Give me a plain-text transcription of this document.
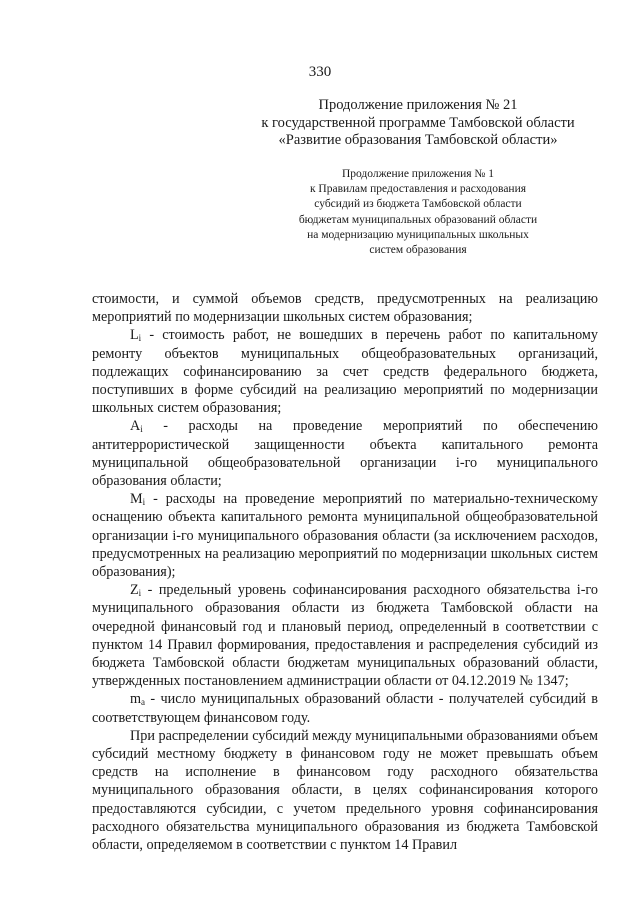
330
Продолжение приложения № 21
к государственной программе Тамбовской области
«Развитие образования Тамбовской области»
Продолжение приложения № 1
к Правилам предоставления и расходования
субсидий из бюджета Тамбовской области
бюджетам муниципальных образований области
на модернизацию муниципальных школьных
систем образования

стоимости, и суммой объемов средств, предусмотренных на реализацию мероприятий по модернизации школьных систем образования;

$L_i$ - стоимость работ, не вошедших в перечень работ по капитальному ремонту объектов муниципальных общеобразовательных организаций, подлежащих софинансированию за счет средств федерального бюджета, поступивших в форме субсидий на реализацию мероприятий по модернизации школьных систем образования;

$A_i$ - расходы на проведение мероприятий по обеспечению антитеррористической защищенности объекта капитального ремонта муниципальной общеобразовательной организации i-го муниципального образования области;

$M_i$ - расходы на проведение мероприятий по материально-техническому оснащению объекта капитального ремонта муниципальной общеобразовательной организации i-го муниципального образования области (за исключением расходов, предусмотренных на реализацию мероприятий по модернизации школьных систем образования);

$Z_i$ - предельный уровень софинансирования расходного обязательства i-го муниципального образования области из бюджета Тамбовской области на очередной финансовый год и плановый период, определенный в соответствии с пунктом 14 Правил формирования, предоставления и распределения субсидий из бюджета Тамбовской области бюджетам муниципальных образований области, утвержденных постановлением администрации области от 04.12.2019 № 1347;

$m_a$ - число муниципальных образований области - получателей субсидий в соответствующем финансовом году.

При распределении субсидий между муниципальными образованиями объем субсидий местному бюджету в финансовом году не может превышать объем средств на исполнение в финансовом году расходного обязательства муниципального образования области, в целях софинансирования которого предоставляются субсидии, с учетом предельного уровня софинансирования расходного обязательства муниципального образования из бюджета Тамбовской области, определяемом в соответствии с пунктом 14 Правил
